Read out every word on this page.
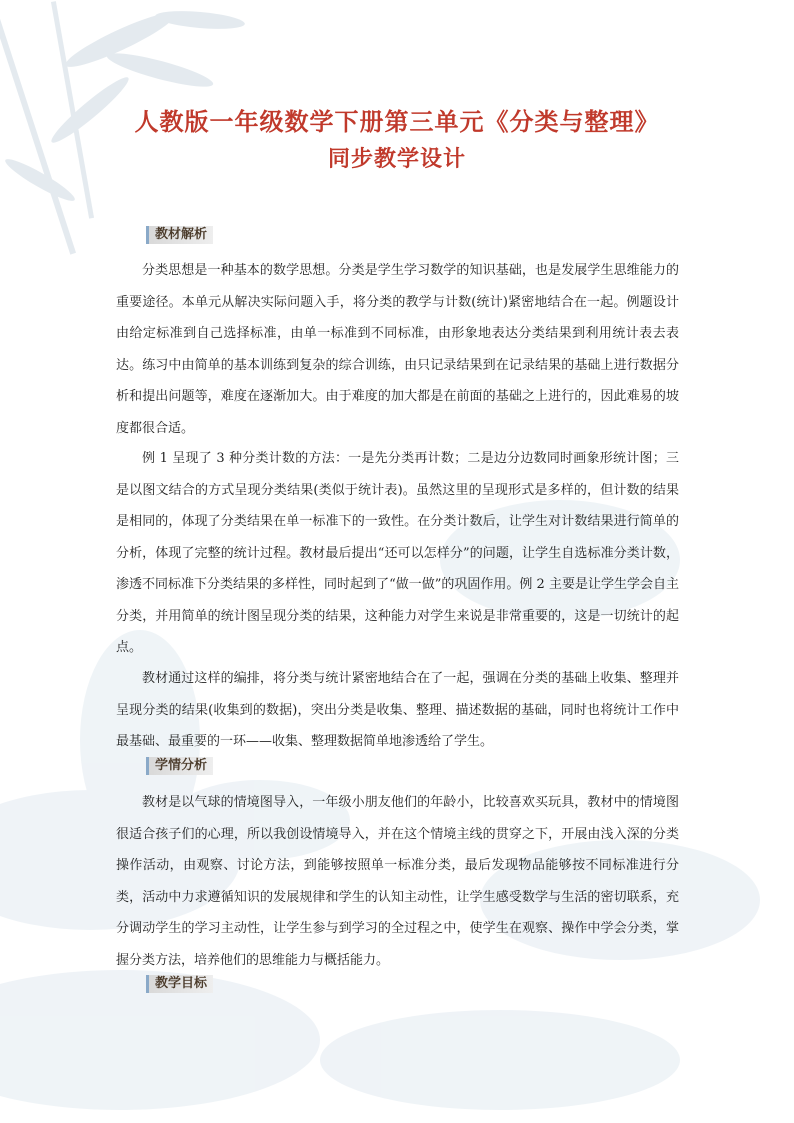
人教版一年级数学下册第三单元《分类与整理》
同步教学设计
教材解析
分类思想是一种基本的数学思想。分类是学生学习数学的知识基础，也是发展学生思维能力的重要途径。本单元从解决实际问题入手，将分类的教学与计数(统计)紧密地结合在一起。例题设计由给定标准到自己选择标准，由单一标准到不同标准，由形象地表达分类结果到利用统计表去表达。练习中由简单的基本训练到复杂的综合训练，由只记录结果到在记录结果的基础上进行数据分析和提出问题等，难度在逐渐加大。由于难度的加大都是在前面的基础之上进行的，因此难易的坡度都很合适。
例 1 呈现了 3 种分类计数的方法：一是先分类再计数；二是边分边数同时画象形统计图；三是以图文结合的方式呈现分类结果(类似于统计表)。虽然这里的呈现形式是多样的，但计数的结果是相同的，体现了分类结果在单一标准下的一致性。在分类计数后，让学生对计数结果进行简单的分析，体现了完整的统计过程。教材最后提出“还可以怎样分”的问题，让学生自选标准分类计数，渗透不同标准下分类结果的多样性，同时起到了“做一做”的巩固作用。例 2 主要是让学生学会自主分类，并用简单的统计图呈现分类的结果，这种能力对学生来说是非常重要的，这是一切统计的起点。
教材通过这样的编排，将分类与统计紧密地结合在了一起，强调在分类的基础上收集、整理并呈现分类的结果(收集到的数据)，突出分类是收集、整理、描述数据的基础，同时也将统计工作中最基础、最重要的一环——收集、整理数据简单地渗透给了学生。
学情分析
教材是以气球的情境图导入，一年级小朋友他们的年龄小，比较喜欢买玩具，教材中的情境图很适合孩子们的心理，所以我创设情境导入，并在这个情境主线的贯穿之下，开展由浅入深的分类操作活动，由观察、讨论方法，到能够按照单一标准分类，最后发现物品能够按不同标准进行分类，活动中力求遵循知识的发展规律和学生的认知主动性，让学生感受数学与生活的密切联系，充分调动学生的学习主动性，让学生参与到学习的全过程之中，使学生在观察、操作中学会分类，掌握分类方法，培养他们的思维能力与概括能力。
教学目标
